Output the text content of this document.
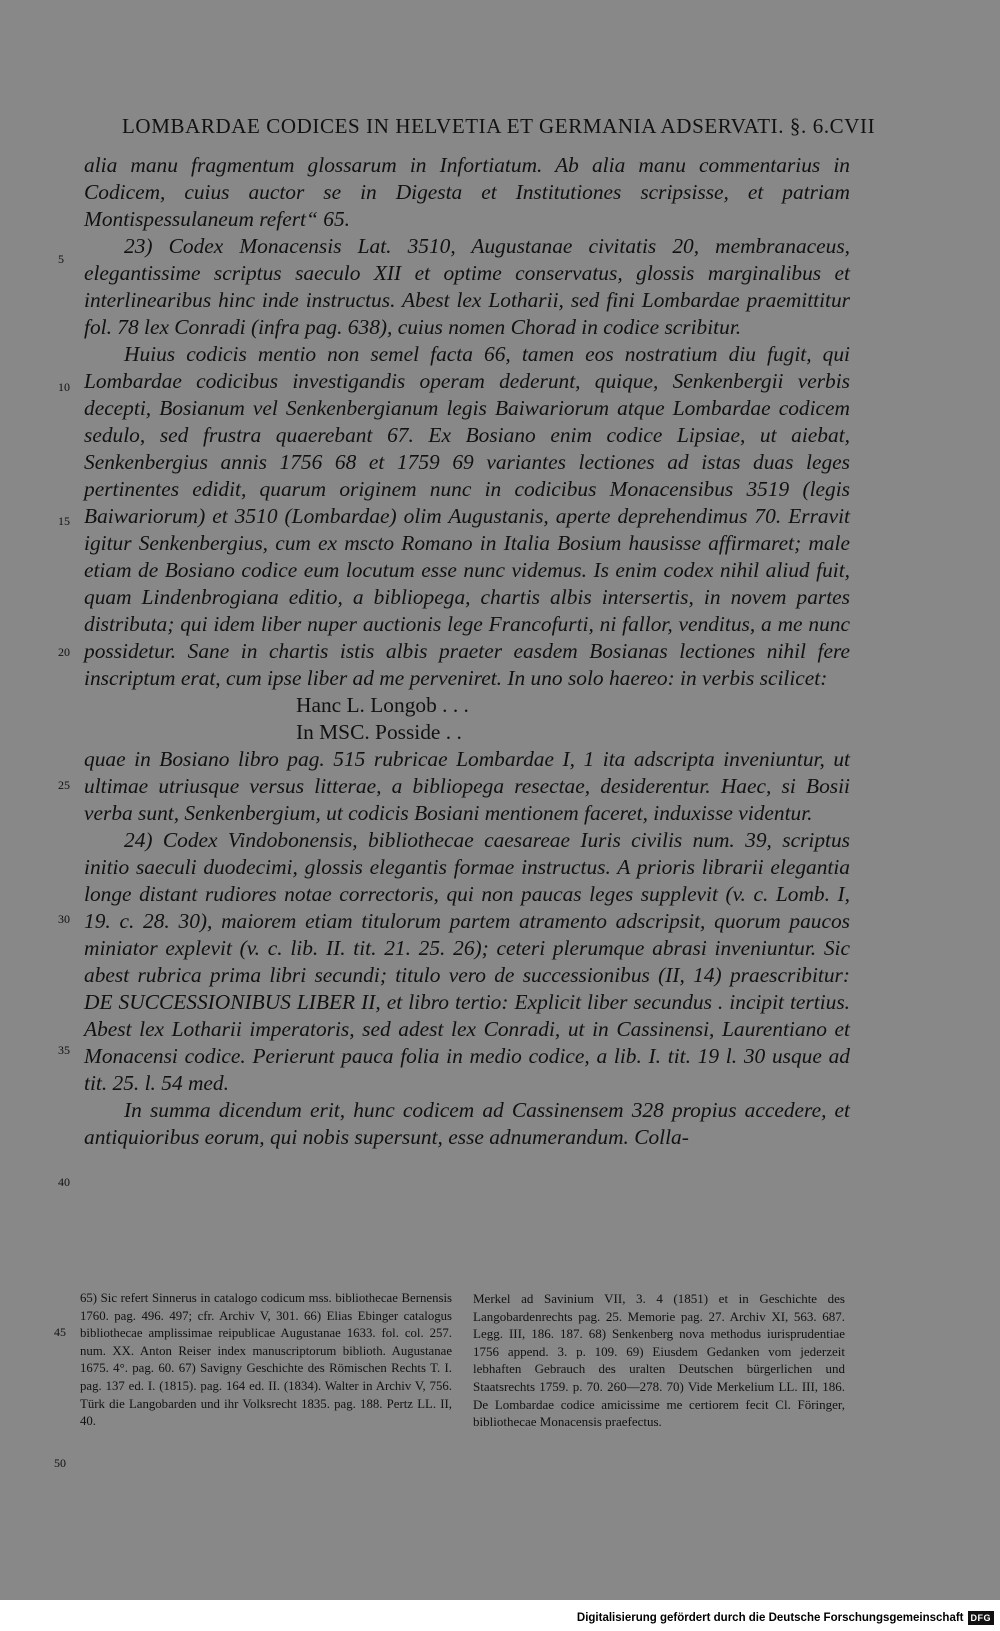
LOMBARDAE CODICES IN HELVETIA ET GERMANIA ADSERVATI. §. 6. CVII
5
10
15
20
25
30
35
40

alia manu fragmentum glossarum in Infortiatum. Ab alia manu commentarius in Codicem, cuius auctor se in Digesta et Institutiones scripsisse, et patriam Montispessulaneum refert“ 65.

23) Codex Monacensis Lat. 3510, Augustanae civitatis 20, membranaceus, elegantissime scriptus saeculo XII et optime conservatus, glossis marginalibus et interlinearibus hinc inde instructus. Abest lex Lotharii, sed fini Lombardae praemittitur fol. 78 lex Conradi (infra pag. 638), cuius nomen Chorad in codice scribitur.

Huius codicis mentio non semel facta 66, tamen eos nostratium diu fugit, qui Lombardae codicibus investigandis operam dederunt, quique, Senkenbergii verbis decepti, Bosianum vel Senkenbergianum legis Baiwariorum atque Lombardae codicem sedulo, sed frustra quaerebant 67. Ex Bosiano enim codice Lipsiae, ut aiebat, Senkenbergius annis 1756 68 et 1759 69 variantes lectiones ad istas duas leges pertinentes edidit, quarum originem nunc in codicibus Monacensibus 3519 (legis Baiwariorum) et 3510 (Lombardae) olim Augustanis, aperte deprehendimus 70. Erravit igitur Senkenbergius, cum ex mscto Romano in Italia Bosium hausisse affirmaret; male etiam de Bosiano codice eum locutum esse nunc videmus. Is enim codex nihil aliud fuit, quam Lindenbrogiana editio, a bibliopega, chartis albis intersertis, in novem partes distributa; qui idem liber nuper auctionis lege Francofurti, ni fallor, venditus, a me nunc possidetur. Sane in chartis istis albis praeter easdem Bosianas lectiones nihil fere inscriptum erat, cum ipse liber ad me perveniret. In uno solo haereo: in verbis scilicet:

Hanc L. Longob . . .

In MSC. Posside . .

quae in Bosiano libro pag. 515 rubricae Lombardae I, 1 ita adscripta inveniuntur, ut ultimae utriusque versus litterae, a bibliopega resectae, desiderentur. Haec, si Bosii verba sunt, Senkenbergium, ut codicis Bosiani mentionem faceret, induxisse videntur.

24) Codex Vindobonensis, bibliothecae caesareae Iuris civilis num. 39, scriptus initio saeculi duodecimi, glossis elegantis formae instructus. A prioris librarii elegantia longe distant rudiores notae correctoris, qui non paucas leges supplevit (v. c. Lomb. I, 19. c. 28. 30), maiorem etiam titulorum partem atramento adscripsit, quorum paucos miniator explevit (v. c. lib. II. tit. 21. 25. 26); ceteri plerumque abrasi inveniuntur. Sic abest rubrica prima libri secundi; titulo vero de successionibus (II, 14) praescribitur: DE SUCCESSIONIBUS LIBER II, et libro tertio: Explicit liber secundus . incipit tertius. Abest lex Lotharii imperatoris, sed adest lex Conradi, ut in Cassinensi, Laurentiano et Monacensi codice. Perierunt pauca folia in medio codice, a lib. I. tit. 19 l. 30 usque ad tit. 25. l. 54 med.

In summa dicendum erit, hunc codicem ad Cassinensem 328 propius accedere, et antiquioribus eorum, qui nobis supersunt, esse adnumerandum. Colla-

45
50

65) Sic refert Sinnerus in catalogo codicum mss. bibliothecae Bernensis 1760. pag. 496. 497; cfr. Archiv V, 301. 66) Elias Ebinger catalogus bibliothecae amplissimae reipublicae Augustanae 1633. fol. col. 257. num. XX. Anton Reiser index manuscriptorum biblioth. Augustanae 1675. 4°. pag. 60. 67) Savigny Geschichte des Römischen Rechts T. I. pag. 137 ed. I. (1815). pag. 164 ed. II. (1834). Walter in Archiv V, 756. Türk die Langobarden und ihr Volksrecht 1835. pag. 188. Pertz LL. II, 40.

Merkel ad Savinium VII, 3. 4 (1851) et in Geschichte des Langobardenrechts pag. 25. Memorie pag. 27. Archiv XI, 563. 687. Legg. III, 186. 187. 68) Senkenberg nova methodus iurisprudentiae 1756 append. 3. p. 109. 69) Eiusdem Gedanken vom jederzeit lebhaften Gebrauch des uralten Deutschen bürgerlichen und Staatsrechts 1759. p. 70. 260—278. 70) Vide Merkelium LL. III, 186. De Lombardae codice amicissime me certiorem fecit Cl. Föringer, bibliothecae Monacensis praefectus.

Digitalisierung gefördert durch die Deutsche Forschungsgemeinschaft DFG
